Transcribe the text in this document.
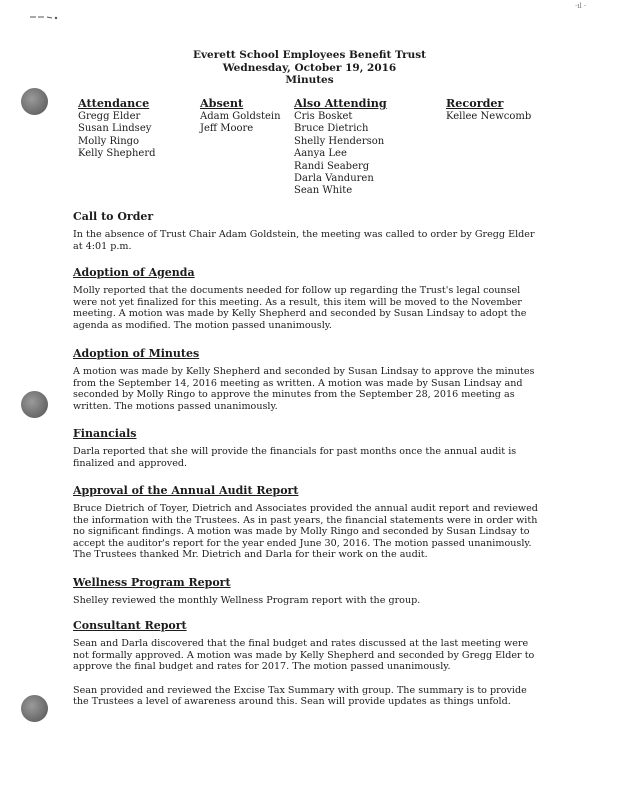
·ıl ·
Everett School Employees Benefit Trust
Wednesday, October 19, 2016
Minutes
Attendance
Gregg Elder
Susan Lindsey
Molly Ringo
Kelly Shepherd
Absent
Adam Goldstein
Jeff Moore
Also Attending
Cris Bosket
Bruce Dietrich
Shelly Henderson
Aanya Lee
Randi Seaberg
Darla Vanduren
Sean White
Recorder
Kellee Newcomb
Call to Order

In the absence of Trust Chair Adam Goldstein, the meeting was called to order by Gregg Elder at 4:01 p.m.

Adoption of Agenda

Molly reported that the documents needed for follow up regarding the Trust's legal counsel were not yet finalized for this meeting. As a result, this item will be moved to the November meeting. A motion was made by Kelly Shepherd and seconded by Susan Lindsay to adopt the agenda as modified. The motion passed unanimously.

Adoption of Minutes

A motion was made by Kelly Shepherd and seconded by Susan Lindsay to approve the minutes from the September 14, 2016 meeting as written. A motion was made by Susan Lindsay and seconded by Molly Ringo to approve the minutes from the September 28, 2016 meeting as written. The motions passed unanimously.

Financials

Darla reported that she will provide the financials for past months once the annual audit is finalized and approved.

Approval of the Annual Audit Report

Bruce Dietrich of Toyer, Dietrich and Associates provided the annual audit report and reviewed the information with the Trustees. As in past years, the financial statements were in order with no significant findings. A motion was made by Molly Ringo and seconded by Susan Lindsay to accept the auditor's report for the year ended June 30, 2016. The motion passed unanimously. The Trustees thanked Mr. Dietrich and Darla for their work on the audit.

Wellness Program Report

Shelley reviewed the monthly Wellness Program report with the group.

Consultant Report

Sean and Darla discovered that the final budget and rates discussed at the last meeting were not formally approved. A motion was made by Kelly Shepherd and seconded by Gregg Elder to approve the final budget and rates for 2017. The motion passed unanimously.

Sean provided and reviewed the Excise Tax Summary with group. The summary is to provide the Trustees a level of awareness around this. Sean will provide updates as things unfold.
